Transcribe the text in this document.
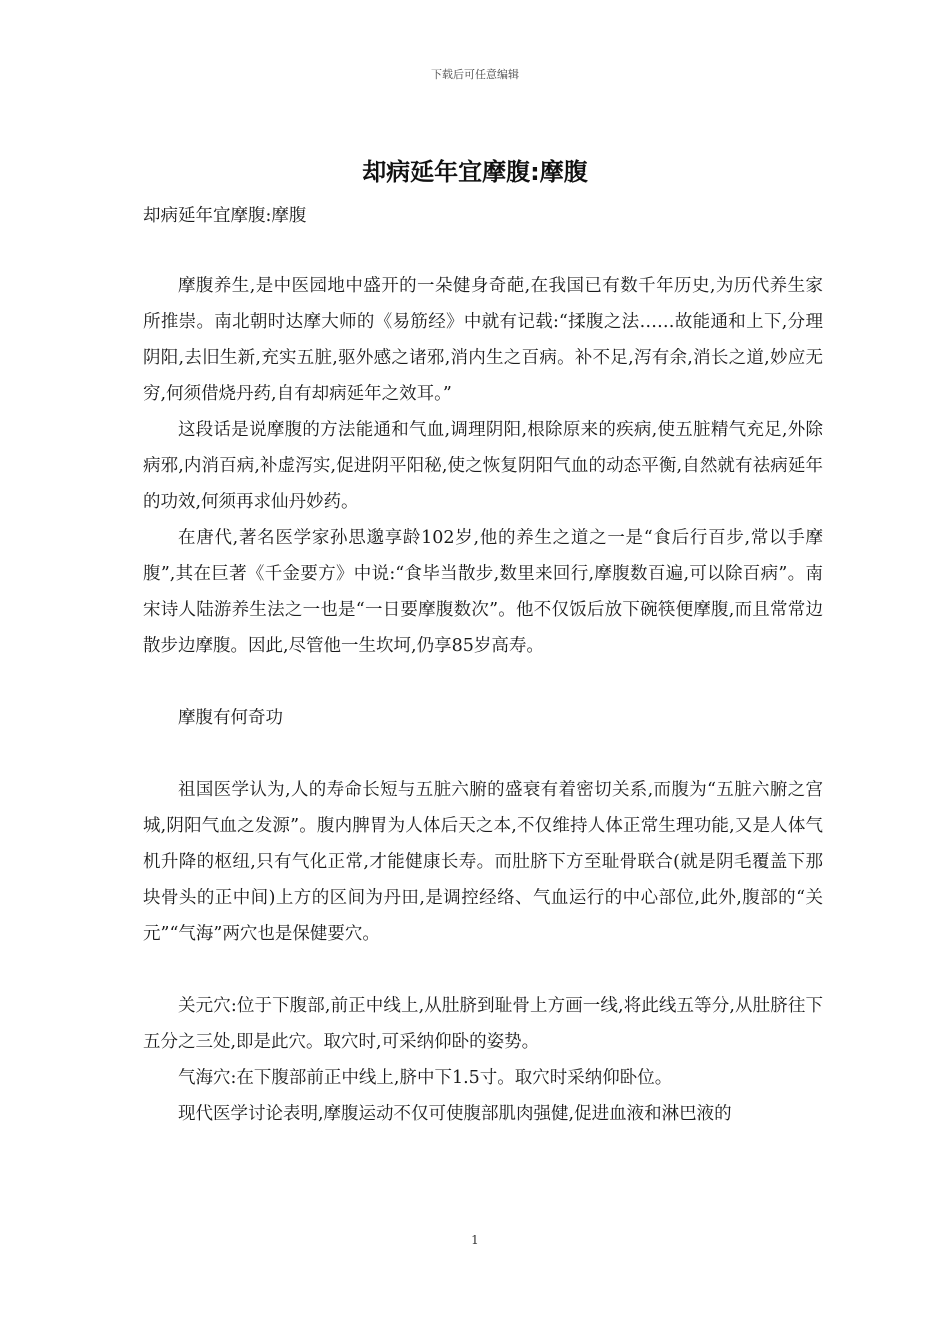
下载后可任意编辑
却病延年宜摩腹:摩腹
却病延年宜摩腹:摩腹

摩腹养生,是中医园地中盛开的一朵健身奇葩,在我国已有数千年历史,为历代养生家所推崇。南北朝时达摩大师的《易筋经》中就有记载:“揉腹之法……故能通和上下,分理阴阳,去旧生新,充实五脏,驱外感之诸邪,消内生之百病。补不足,泻有余,消长之道,妙应无穷,何须借烧丹药,自有却病延年之效耳。”

这段话是说摩腹的方法能通和气血,调理阴阳,根除原来的疾病,使五脏精气充足,外除病邪,内消百病,补虚泻实,促进阴平阳秘,使之恢复阴阳气血的动态平衡,自然就有祛病延年的功效,何须再求仙丹妙药。

在唐代,著名医学家孙思邈享龄102岁,他的养生之道之一是“食后行百步,常以手摩腹”,其在巨著《千金要方》中说:“食毕当散步,数里来回行,摩腹数百遍,可以除百病”。南宋诗人陆游养生法之一也是“一日要摩腹数次”。他不仅饭后放下碗筷便摩腹,而且常常边散步边摩腹。因此,尽管他一生坎坷,仍享85岁高寿。

摩腹有何奇功

祖国医学认为,人的寿命长短与五脏六腑的盛衰有着密切关系,而腹为“五脏六腑之宫城,阴阳气血之发源”。腹内脾胃为人体后天之本,不仅维持人体正常生理功能,又是人体气机升降的枢纽,只有气化正常,才能健康长寿。而肚脐下方至耻骨联合(就是阴毛覆盖下那块骨头的正中间)上方的区间为丹田,是调控经络、气血运行的中心部位,此外,腹部的“关元”“气海”两穴也是保健要穴。

关元穴:位于下腹部,前正中线上,从肚脐到耻骨上方画一线,将此线五等分,从肚脐往下五分之三处,即是此穴。取穴时,可采纳仰卧的姿势。

气海穴:在下腹部前正中线上,脐中下1.5寸。取穴时采纳仰卧位。

现代医学讨论表明,摩腹运动不仅可使腹部肌肉强健,促进血液和淋巴液的

1
